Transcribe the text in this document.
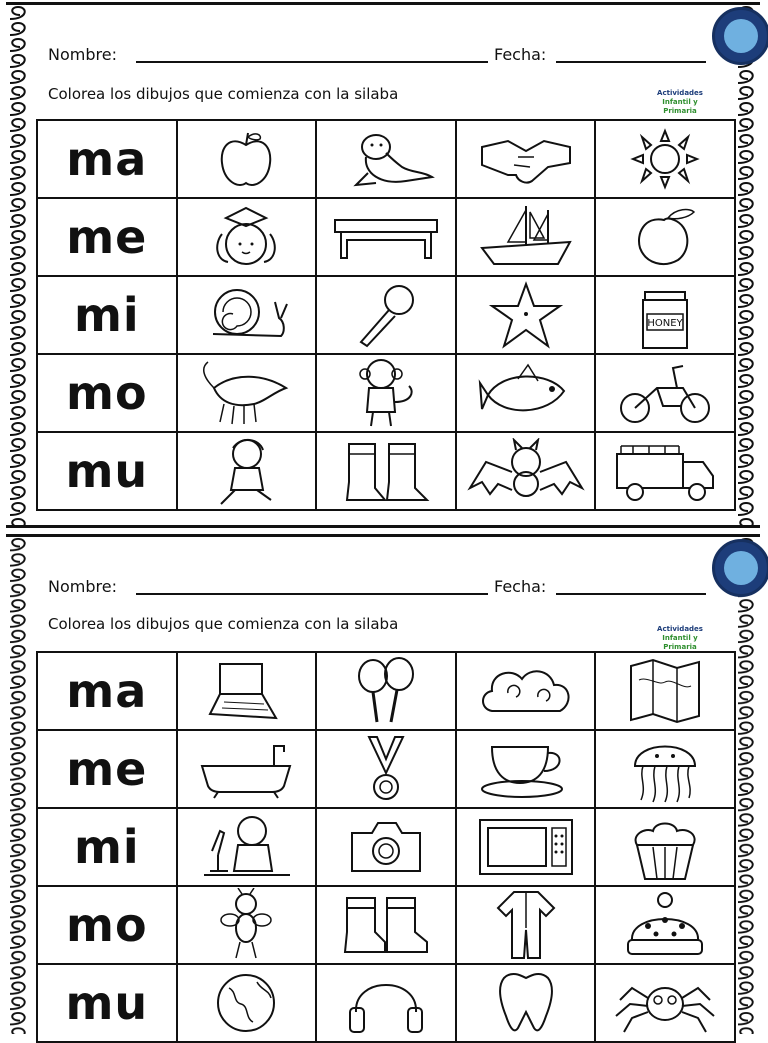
Nombre:	Fecha:
Colorea los dibujos que comienza con la silaba	Actividades
Infantil y Primaria
ma	

me	

mi				HONEY

mo	

mu	

Nombre:	Fecha:
Colorea los dibujos que comienza con la silaba	Actividades
Infantil y Primaria
ma	

me	

mi	

mo	

mu	
